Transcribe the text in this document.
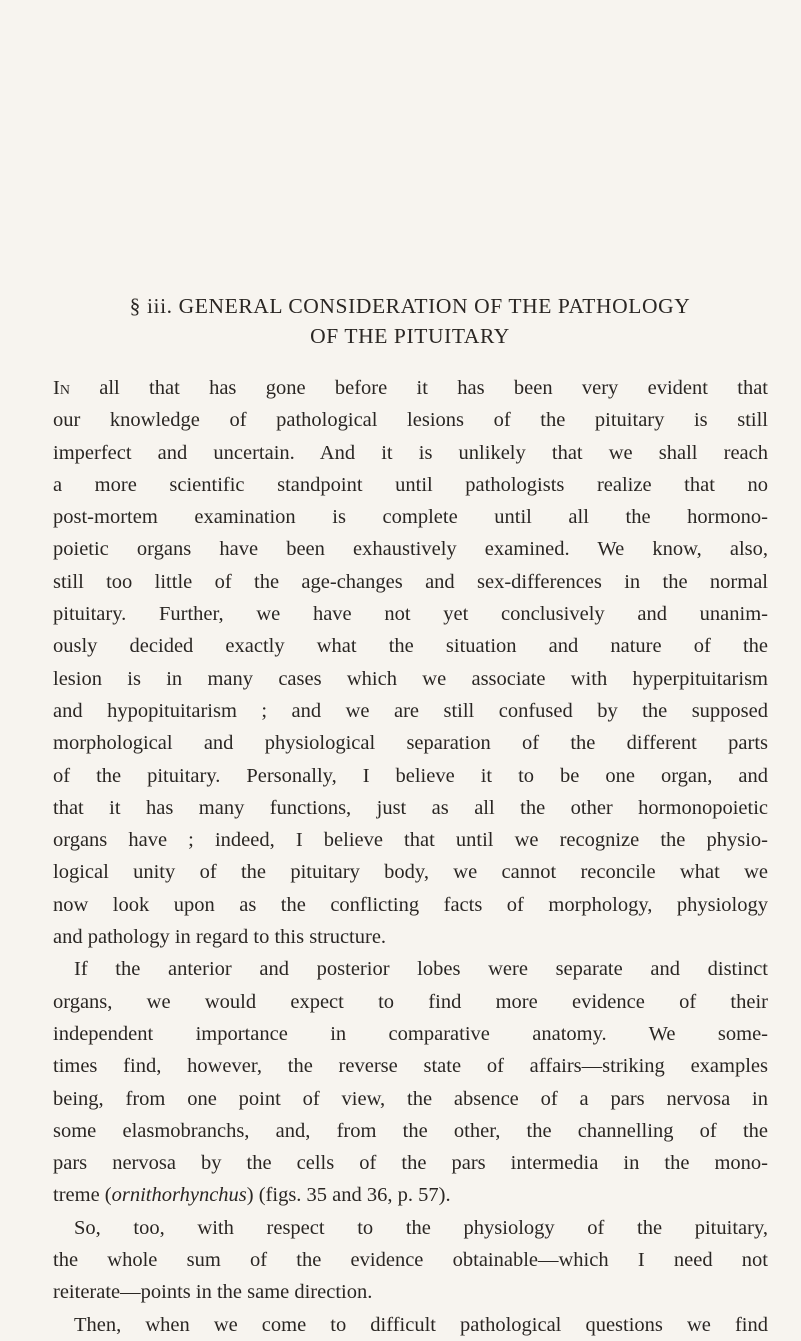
§ iii. GENERAL CONSIDERATION OF THE PATHOLOGY
OF THE PITUITARY
In all that has gone before it has been very evident that
our knowledge of pathological lesions of the pituitary is still
imperfect and uncertain. And it is unlikely that we shall reach
a more scientific standpoint until pathologists realize that no
post-mortem examination is complete until all the hormono-
poietic organs have been exhaustively examined. We know, also,
still too little of the age-changes and sex-differences in the normal
pituitary. Further, we have not yet conclusively and unanim-
ously decided exactly what the situation and nature of the
lesion is in many cases which we associate with hyperpituitarism
and hypopituitarism ; and we are still confused by the supposed
morphological and physiological separation of the different parts
of the pituitary. Personally, I believe it to be one organ, and
that it has many functions, just as all the other hormonopoietic
organs have ; indeed, I believe that until we recognize the physio-
logical unity of the pituitary body, we cannot reconcile what we
now look upon as the conflicting facts of morphology, physiology
and pathology in regard to this structure.
If the anterior and posterior lobes were separate and distinct
organs, we would expect to find more evidence of their
independent importance in comparative anatomy. We some-
times find, however, the reverse state of affairs—striking examples
being, from one point of view, the absence of a pars nervosa in
some elasmobranchs, and, from the other, the channelling of the
pars nervosa by the cells of the pars intermedia in the mono-
treme (ornithorhynchus) (figs. 35 and 36, p. 57).
So, too, with respect to the physiology of the pituitary,
the whole sum of the evidence obtainable—which I need not
reiterate—points in the same direction.
Then, when we come to difficult pathological questions we find
